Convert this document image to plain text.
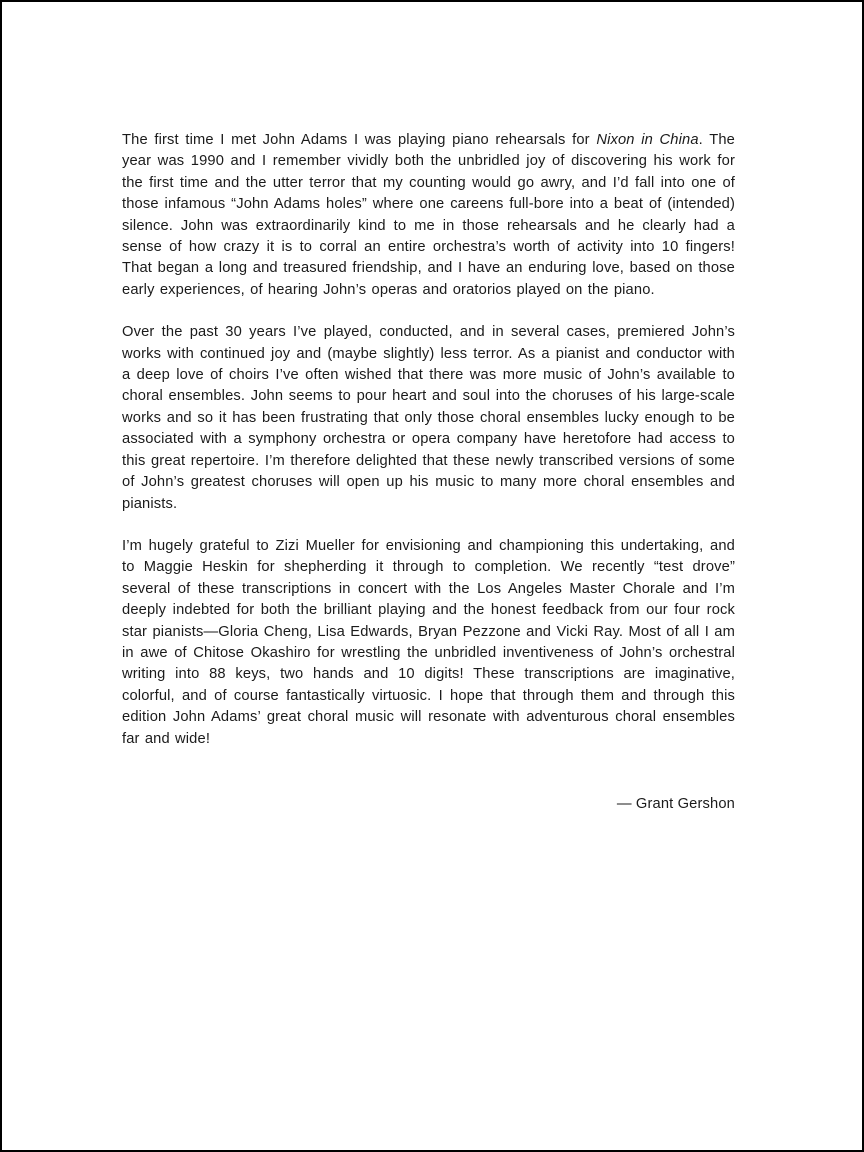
The first time I met John Adams I was playing piano rehearsals for Nixon in China. The year was 1990 and I remember vividly both the unbridled joy of discovering his work for the first time and the utter terror that my counting would go awry, and I’d fall into one of those infamous “John Adams holes” where one careens full-bore into a beat of (intended) silence. John was extraordinarily kind to me in those rehearsals and he clearly had a sense of how crazy it is to corral an entire orchestra’s worth of activity into 10 fingers! That began a long and treasured friendship, and I have an enduring love, based on those early experiences, of hearing John’s operas and oratorios played on the piano.

Over the past 30 years I’ve played, conducted, and in several cases, premiered John’s works with continued joy and (maybe slightly) less terror. As a pianist and conductor with a deep love of choirs I’ve often wished that there was more music of John’s available to choral ensembles. John seems to pour heart and soul into the choruses of his large-scale works and so it has been frustrating that only those choral ensembles lucky enough to be associated with a symphony orchestra or opera company have heretofore had access to this great repertoire. I’m therefore delighted that these newly transcribed versions of some of John’s greatest choruses will open up his music to many more choral ensembles and pianists.

I’m hugely grateful to Zizi Mueller for envisioning and championing this undertaking, and to Maggie Heskin for shepherding it through to completion. We recently “test drove” several of these transcriptions in concert with the Los Angeles Master Chorale and I’m deeply indebted for both the brilliant playing and the honest feedback from our four rock star pianists—Gloria Cheng, Lisa Edwards, Bryan Pezzone and Vicki Ray. Most of all I am in awe of Chitose Okashiro for wrestling the unbridled inventiveness of John’s orchestral writing into 88 keys, two hands and 10 digits! These transcriptions are imaginative, colorful, and of course fantastically virtuosic. I hope that through them and through this edition John Adams’ great choral music will resonate with adventurous choral ensembles far and wide!

— Grant Gershon
